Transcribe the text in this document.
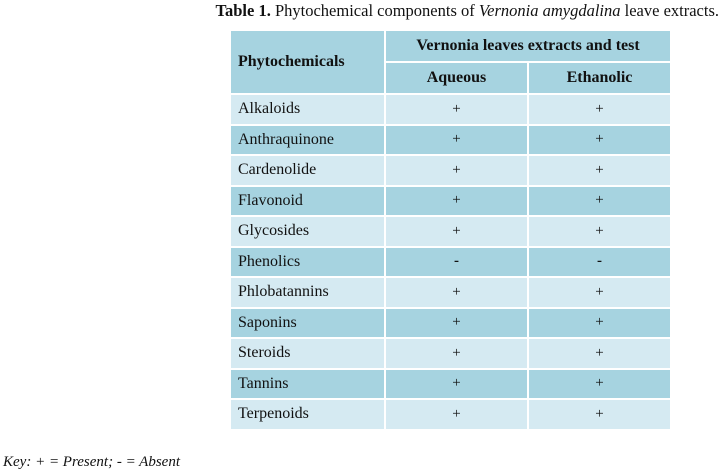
Table 1. Phytochemical components of Vernonia amygdalina leave extracts.
Phytochemicals	Vernonia leaves extracts and test	
	Aqueous	Ethanolic
Alkaloids	+	+
Anthraquinone	+	+
Cardenolide	+	+
Flavonoid	+	+
Glycosides	+	+
Phenolics	-	-
Phlobatannins	+	+
Saponins	+	+
Steroids	+	+
Tannins	+	+
Terpenoids	+	+
Key: + = Present; - = Absent
